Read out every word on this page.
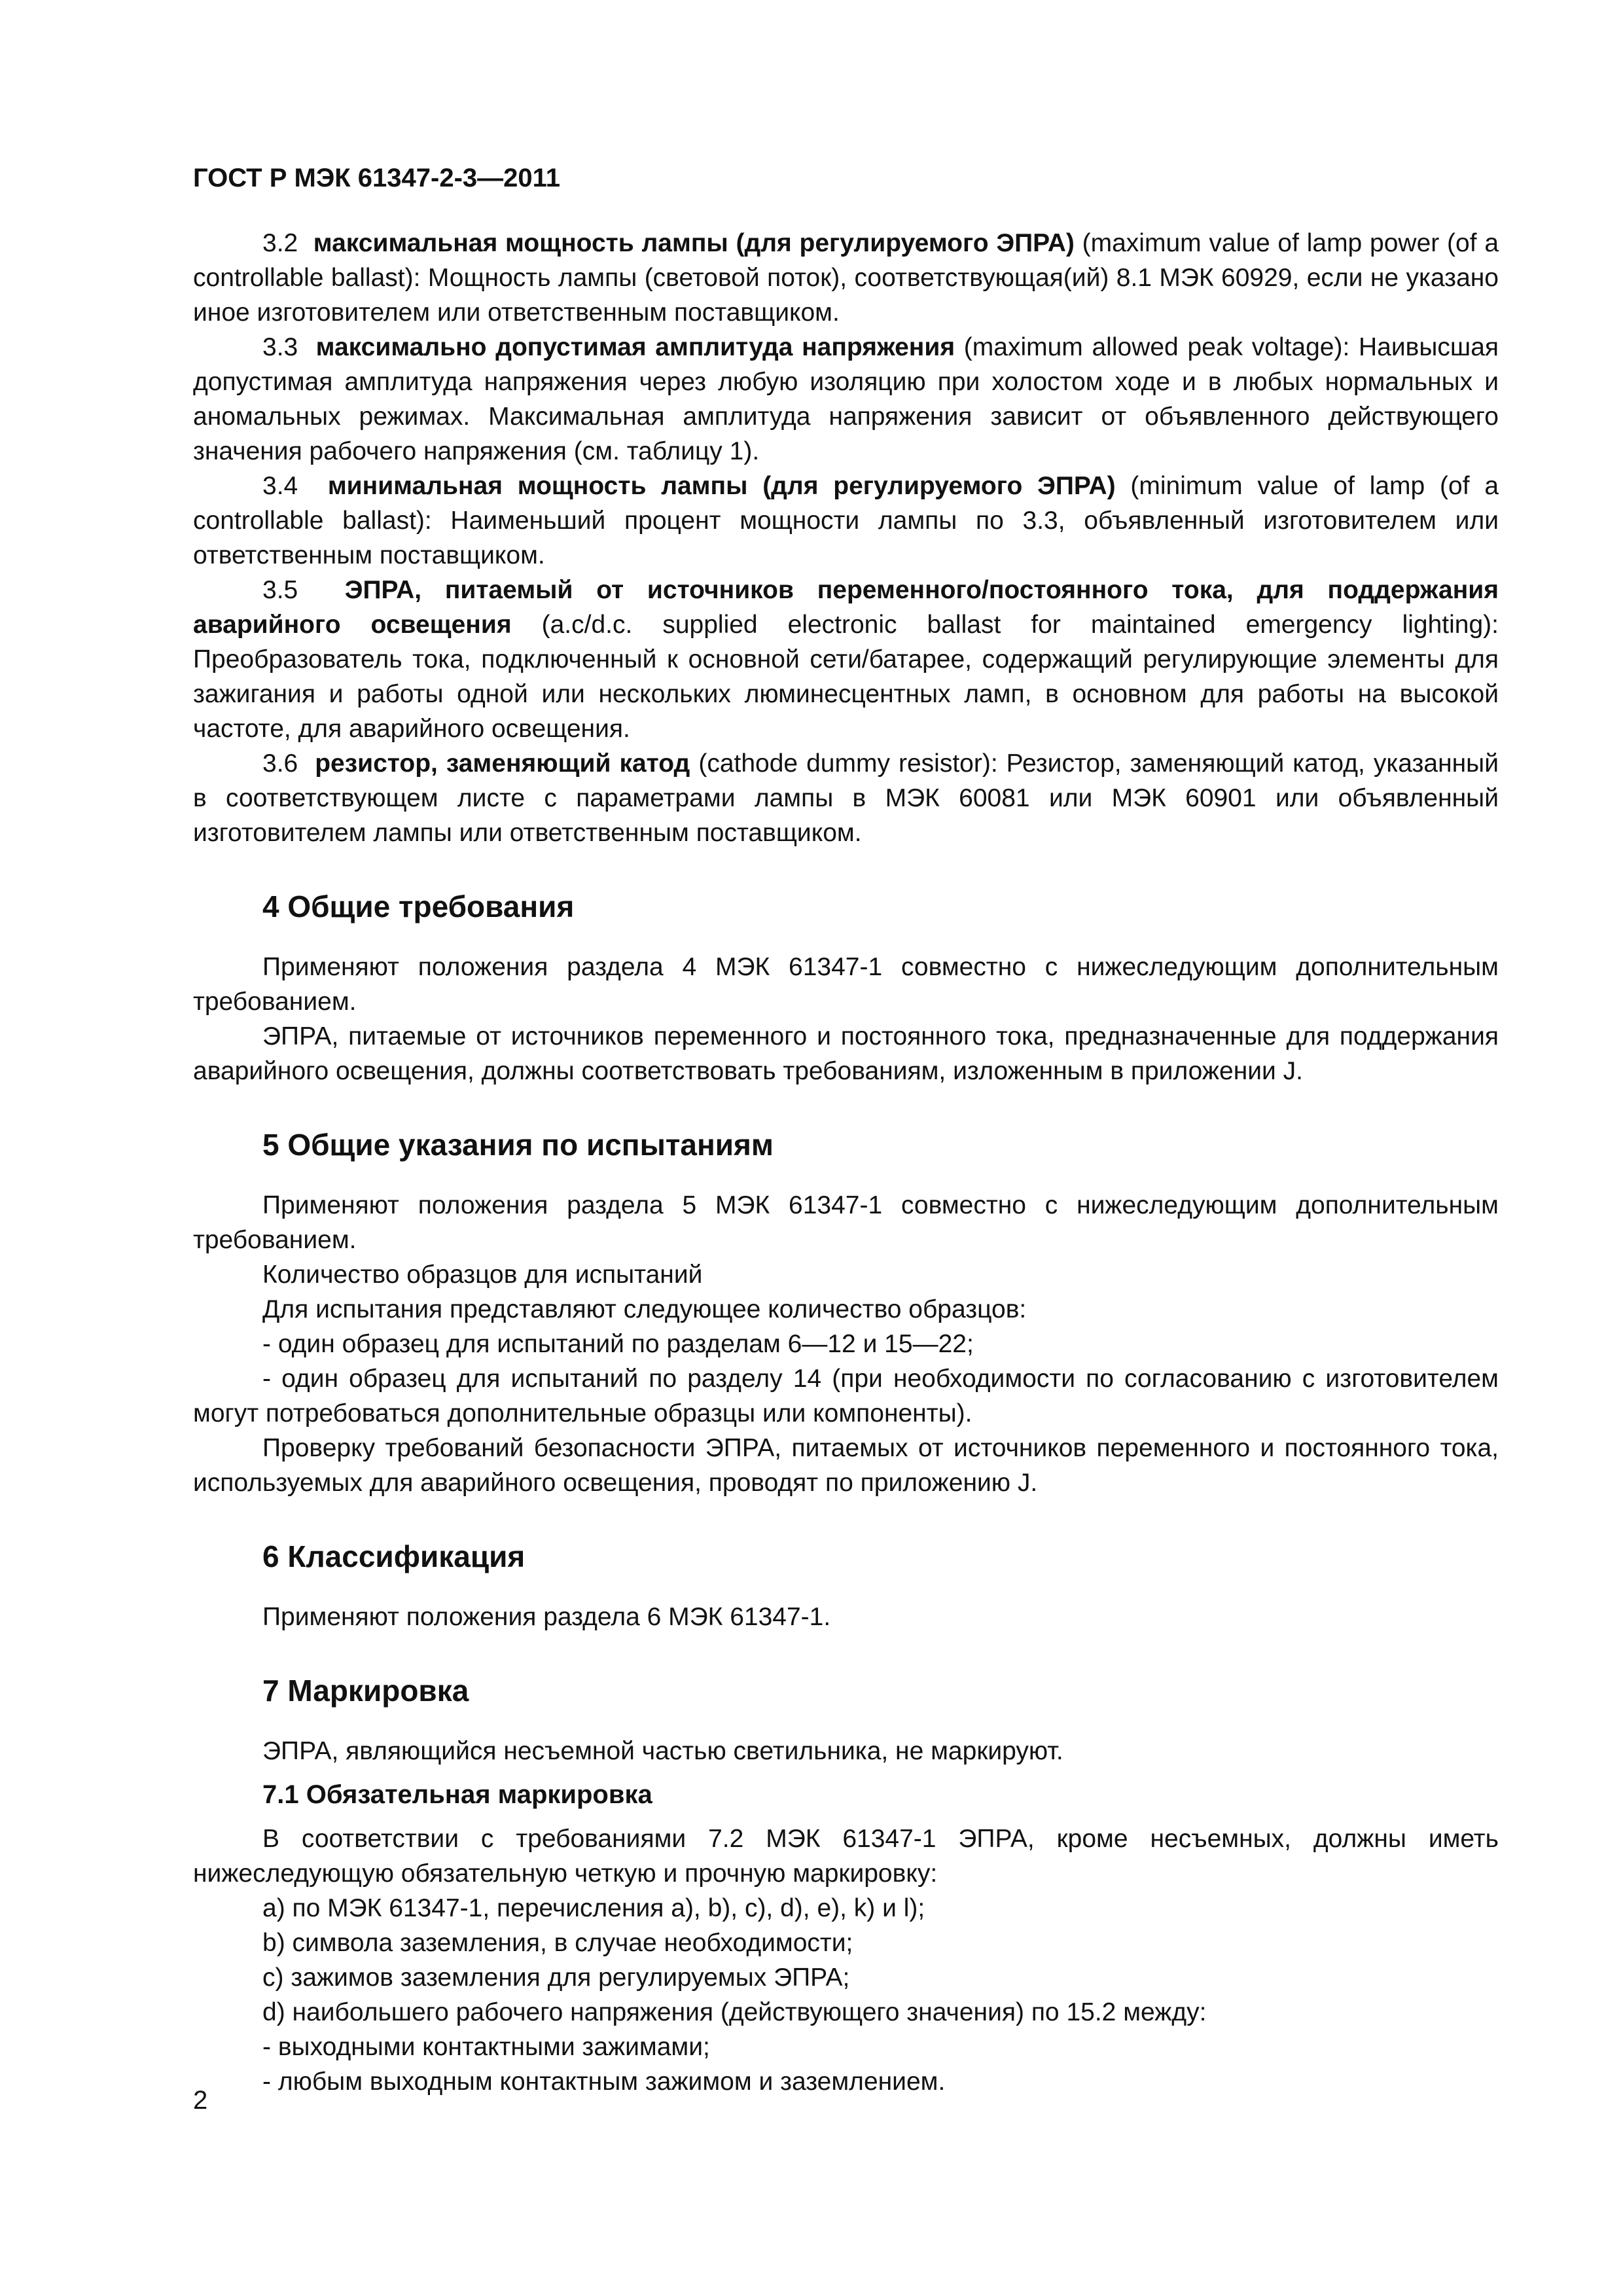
ГОСТ Р МЭК 61347-2-3—2011

3.2 максимальная мощность лампы (для регулируемого ЭПРА) (maximum value of lamp power (of a controllable ballast): Мощность лампы (световой поток), соответствующая(ий) 8.1 МЭК 60929, если не указано иное изготовителем или ответственным поставщиком.

3.3 максимально допустимая амплитуда напряжения (maximum allowed peak voltage): Наивысшая допустимая амплитуда напряжения через любую изоляцию при холостом ходе и в любых нормальных и аномальных режимах. Максимальная амплитуда напряжения зависит от объявленного действующего значения рабочего напряжения (см. таблицу 1).

3.4 минимальная мощность лампы (для регулируемого ЭПРА) (minimum value of lamp (of a controllable ballast): Наименьший процент мощности лампы по 3.3, объявленный изготовителем или ответственным поставщиком.

3.5 ЭПРА, питаемый от источников переменного/постоянного тока, для поддержания аварийного освещения (a.c/d.c. supplied electronic ballast for maintained emergency lighting): Преобразователь тока, подключенный к основной сети/батарее, содержащий регулирующие элементы для зажигания и работы одной или нескольких люминесцентных ламп, в основном для работы на высокой частоте, для аварийного освещения.

3.6 резистор, заменяющий катод (cathode dummy resistor): Резистор, заменяющий катод, указанный в соответствующем листе с параметрами лампы в МЭК 60081 или МЭК 60901 или объявленный изготовителем лампы или ответственным поставщиком.

4 Общие требования

Применяют положения раздела 4 МЭК 61347-1 совместно с нижеследующим дополнительным требованием.

ЭПРА, питаемые от источников переменного и постоянного тока, предназначенные для поддержания аварийного освещения, должны соответствовать требованиям, изложенным в приложении J.

5 Общие указания по испытаниям

Применяют положения раздела 5 МЭК 61347-1 совместно с нижеследующим дополнительным требованием.

Количество образцов для испытаний

Для испытания представляют следующее количество образцов:

- один образец для испытаний по разделам 6—12 и 15—22;

- один образец для испытаний по разделу 14 (при необходимости по согласованию с изготовителем могут потребоваться дополнительные образцы или компоненты).

Проверку требований безопасности ЭПРА, питаемых от источников переменного и постоянного тока, используемых для аварийного освещения, проводят по приложению J.

6 Классификация

Применяют положения раздела 6 МЭК 61347-1.

7 Маркировка

ЭПРА, являющийся несъемной частью светильника, не маркируют.

7.1 Обязательная маркировка

В соответствии с требованиями 7.2 МЭК 61347-1 ЭПРА, кроме несъемных, должны иметь нижеследующую обязательную четкую и прочную маркировку:

a) по МЭК 61347-1, перечисления a), b), c), d), e), k) и l);

b) символа заземления, в случае необходимости;

c) зажимов заземления для регулируемых ЭПРА;

d) наибольшего рабочего напряжения (действующего значения) по 15.2 между:

- выходными контактными зажимами;

- любым выходным контактным зажимом и заземлением.

2
